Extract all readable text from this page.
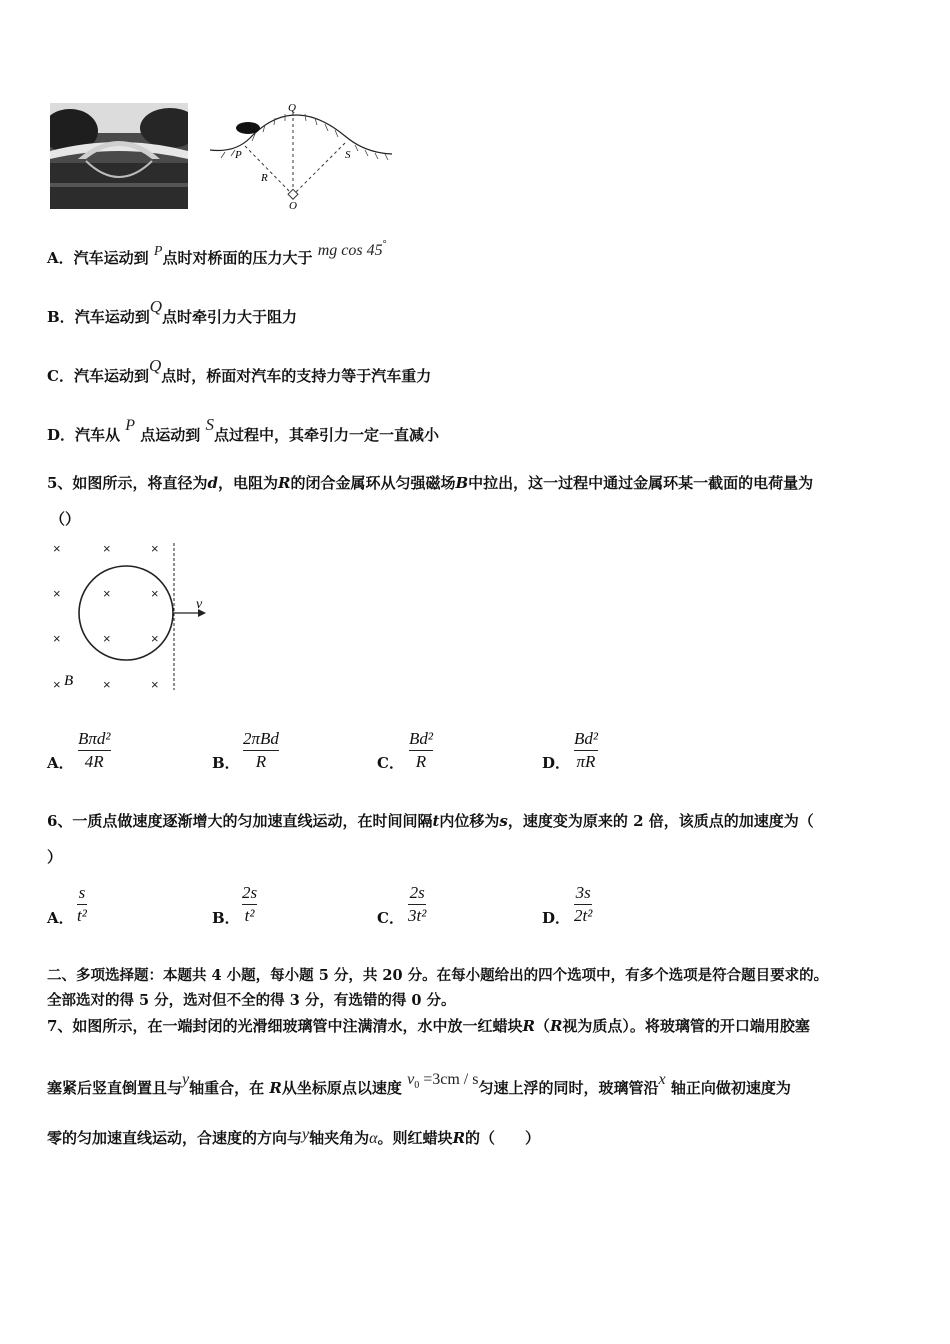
Q
P	S
R
O
A．汽车运动到 P点时对桥面的压力大于 mg cos 45°
B．汽车运动到Q点时牵引力大于阻力
C．汽车运动到Q点时，桥面对汽车的支持力等于汽车重力
D．汽车从 P 点运动到 S点过程中，其牵引力一定一直减小
5、如图所示，将直径为d，电阻为R的闭合金属环从匀强磁场B中拉出，这一过程中通过金属环某一截面的电荷量为
（）
×	×	×
×	×	×
×	×	×
×	×	×
v
B
A．
Bπd²
4R	B．
2πBd
R	C．
Bd²
R	D．
Bd²
πR
6、一质点做速度逐渐增大的匀加速直线运动，在时间间隔t内位移为s，速度变为原来的 2 倍，该质点的加速度为（
）
A．
s
t²	B．
2s
t²	C．
2s
3t²	D．
3s
2t²
二、多项选择题：本题共 4 小题，每小题 5 分，共 20 分。在每小题给出的四个选项中，有多个选项是符合题目要求的。
全部选对的得 5 分，选对但不全的得 3 分，有选错的得 0 分。
7、如图所示，在一端封闭的光滑细玻璃管中注满清水，水中放一红蜡块R（R视为质点）。将玻璃管的开口端用胶塞
塞紧后竖直倒置且与y轴重合，在 R从坐标原点以速度 $v_0 =3cm / s$匀速上浮的同时，玻璃管沿x 轴正向做初速度为
零的匀加速直线运动，合速度的方向与y轴夹角为α。则红蜡块R的（　　）
